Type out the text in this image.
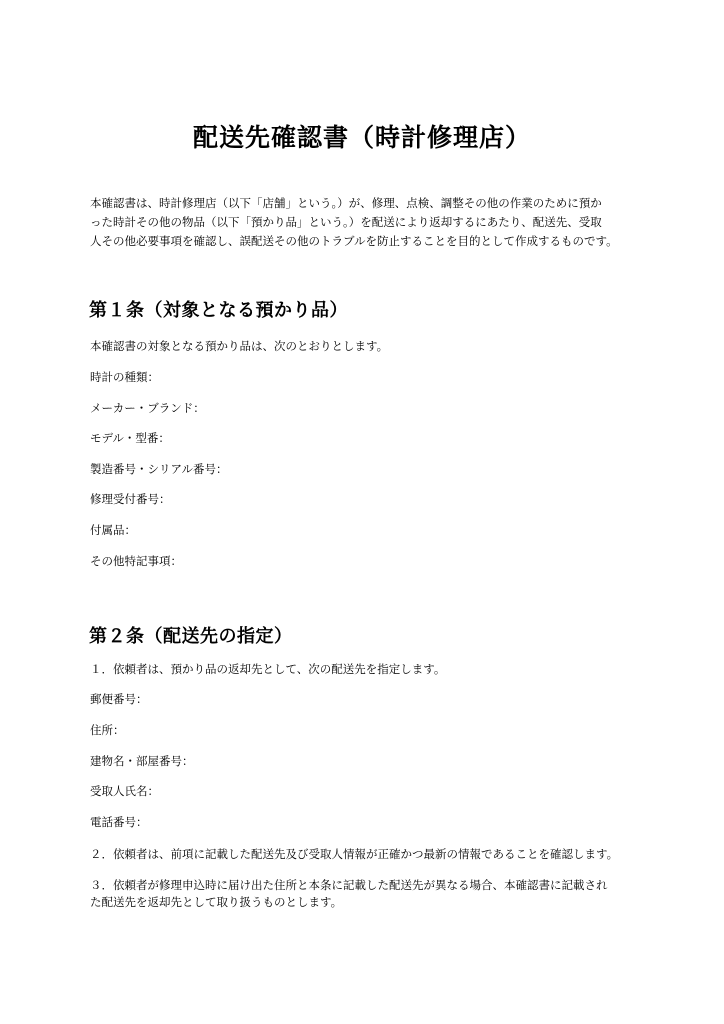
配送先確認書（時計修理店）
本確認書は、時計修理店（以下「店舗」という。）が、修理、点検、調整その他の作業のために預か
った時計その他の物品（以下「預かり品」という。）を配送により返却するにあたり、配送先、受取
人その他必要事項を確認し、誤配送その他のトラブルを防止することを目的として作成するものです。
第１条（対象となる預かり品）
本確認書の対象となる預かり品は、次のとおりとします。
時計の種類：
メーカー・ブランド：
モデル・型番：
製造番号・シリアル番号：
修理受付番号：
付属品：
その他特記事項：
第２条（配送先の指定）
１．依頼者は、預かり品の返却先として、次の配送先を指定します。
郵便番号：
住所：
建物名・部屋番号：
受取人氏名：
電話番号：
２．依頼者は、前項に記載した配送先及び受取人情報が正確かつ最新の情報であることを確認します。
３．依頼者が修理申込時に届け出た住所と本条に記載した配送先が異なる場合、本確認書に記載され
た配送先を返却先として取り扱うものとします。
